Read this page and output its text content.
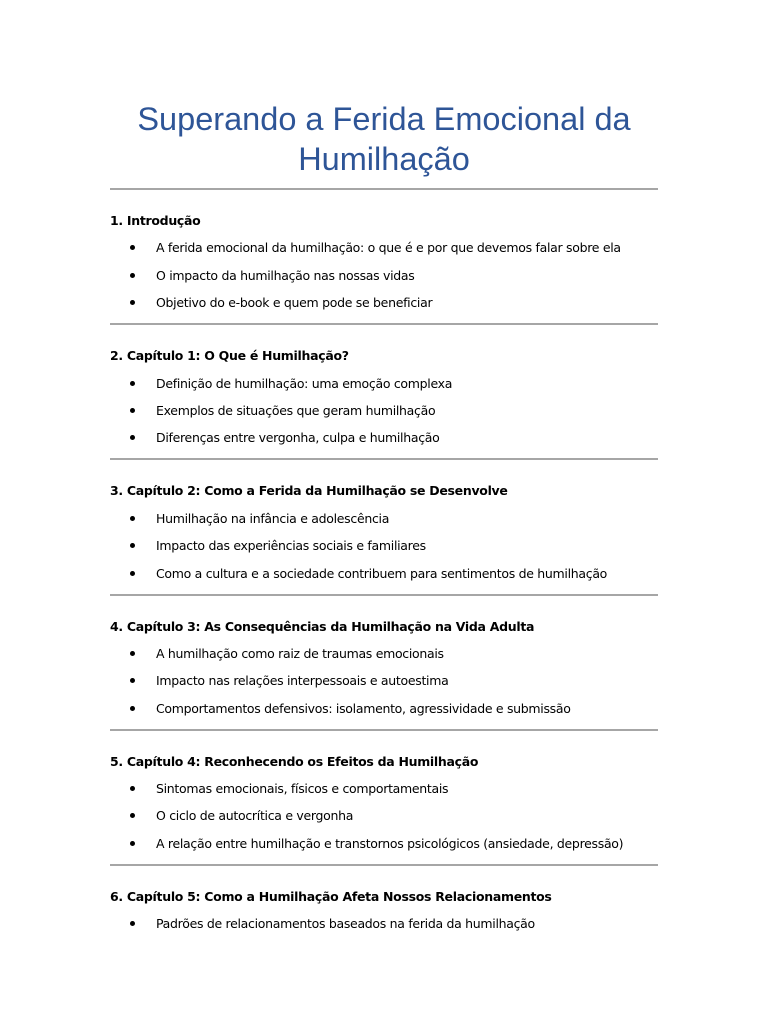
Superando a Ferida Emocional da Humilhação
1. Introdução
A ferida emocional da humilhação: o que é e por que devemos falar sobre ela
O impacto da humilhação nas nossas vidas
Objetivo do e-book e quem pode se beneficiar
2. Capítulo 1: O Que é Humilhação?
Definição de humilhação: uma emoção complexa
Exemplos de situações que geram humilhação
Diferenças entre vergonha, culpa e humilhação
3. Capítulo 2: Como a Ferida da Humilhação se Desenvolve
Humilhação na infância e adolescência
Impacto das experiências sociais e familiares
Como a cultura e a sociedade contribuem para sentimentos de humilhação
4. Capítulo 3: As Consequências da Humilhação na Vida Adulta
A humilhação como raiz de traumas emocionais
Impacto nas relações interpessoais e autoestima
Comportamentos defensivos: isolamento, agressividade e submissão
5. Capítulo 4: Reconhecendo os Efeitos da Humilhação
Sintomas emocionais, físicos e comportamentais
O ciclo de autocrítica e vergonha
A relação entre humilhação e transtornos psicológicos (ansiedade, depressão)
6. Capítulo 5: Como a Humilhação Afeta Nossos Relacionamentos
Padrões de relacionamentos baseados na ferida da humilhação
